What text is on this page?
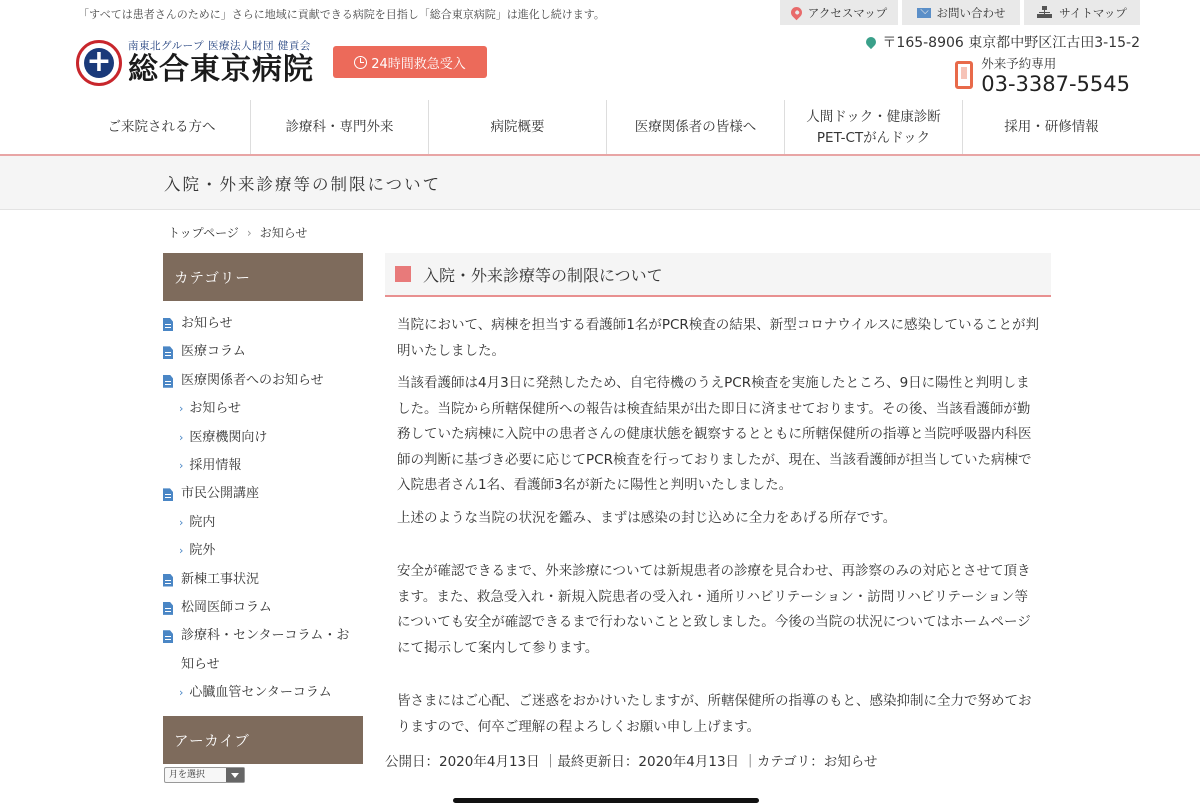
「すべては患者さんのために」さらに地域に貢献できる病院を目指し「総合東京病院」は進化し続けます。	アクセスマップ	お問い合わせ	サイトマップ
+
南東北グループ 医療法人財団 健貢会
総合東京病院	24時間救急受入
〒165-8906 東京都中野区江古田3-15-2
外来予約専用
03-3387-5545
ご来院される方へ	診療科・専門外来	病院概要	医療関係者の皆様へ
人間ドック・健康診断
PET-CTがんドック
採用・研修情報
入院・外来診療等の制限について
トップページ › お知らせ
カテゴリー
お知らせ
医療コラム
医療関係者へのお知らせ
› お知らせ
› 医療機関向け
› 採用情報
市民公開講座
› 院内
› 院外
新棟工事状況
松岡医師コラム
診療科・センターコラム・お知らせ
› 心臓血管センターコラム
アーカイブ
月を選択
入院・外来診療等の制限について

当院において、病棟を担当する看護師1名がPCR検査の結果、新型コロナウイルスに感染していることが判明いたしました。

当該看護師は4月3日に発熱したため、自宅待機のうえPCR検査を実施したところ、9日に陽性と判明しました。当院から所轄保健所への報告は検査結果が出た即日に済ませております。その後、当該看護師が勤務していた病棟に入院中の患者さんの健康状態を観察するとともに所轄保健所の指導と当院呼吸器内科医師の判断に基づき必要に応じてPCR検査を行っておりましたが、現在、当該看護師が担当していた病棟で入院患者さん1名、看護師3名が新たに陽性と判明いたしました。

上述のような当院の状況を鑑み、まずは感染の封じ込めに全力をあげる所存です。

安全が確認できるまで、外来診療については新規患者の診療を見合わせ、再診察のみの対応とさせて頂きます。また、救急受入れ・新規入院患者の受入れ・通所リハビリテーション・訪問リハビリテーション等についても安全が確認できるまで行わないことと致しました。今後の当院の状況についてはホームページにて掲示して案内して参ります。

皆さまにはご心配、ご迷惑をおかけいたしますが、所轄保健所の指導のもと、感染抑制に全力で努めておりますので、何卒ご理解の程よろしくお願い申し上げます。

公開日：2020年4月13日 ｜最終更新日：2020年4月13日 ｜カテゴリ：お知らせ
